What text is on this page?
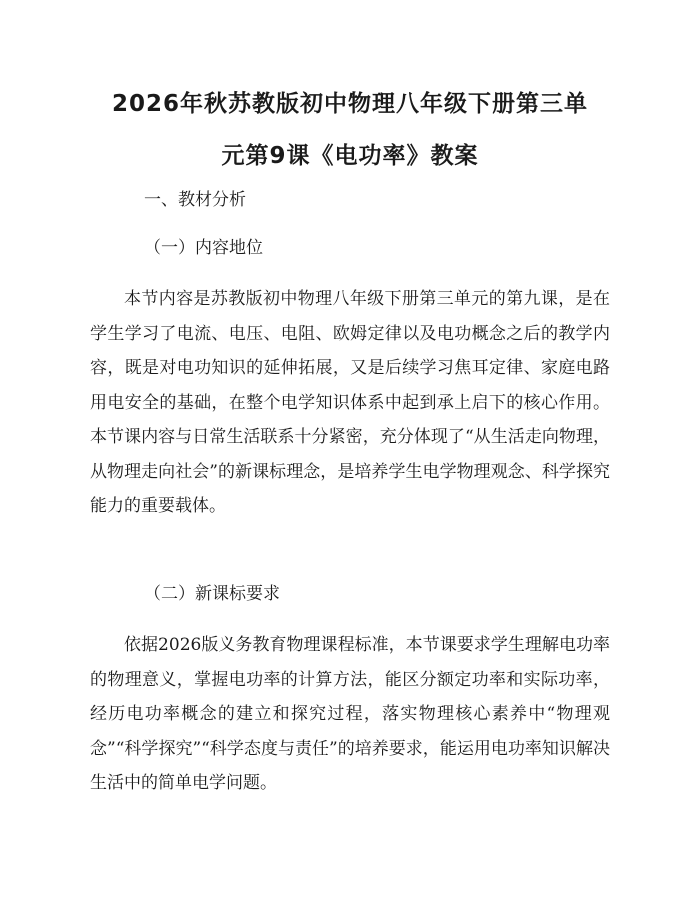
2026年秋苏教版初中物理八年级下册第三单
元第9课《电功率》教案

一、教材分析

（一）内容地位

本节内容是苏教版初中物理八年级下册第三单元的第九课，是在学生学习了电流、电压、电阻、欧姆定律以及电功概念之后的教学内容，既是对电功知识的延伸拓展，又是后续学习焦耳定律、家庭电路用电安全的基础，在整个电学知识体系中起到承上启下的核心作用。本节课内容与日常生活联系十分紧密，充分体现了“从生活走向物理，从物理走向社会”的新课标理念，是培养学生电学物理观念、科学探究能力的重要载体。

（二）新课标要求

依据2026版义务教育物理课程标准，本节课要求学生理解电功率的物理意义，掌握电功率的计算方法，能区分额定功率和实际功率，经历电功率概念的建立和探究过程，落实物理核心素养中“物理观念”“科学探究”“科学态度与责任”的培养要求，能运用电功率知识解决生活中的简单电学问题。
